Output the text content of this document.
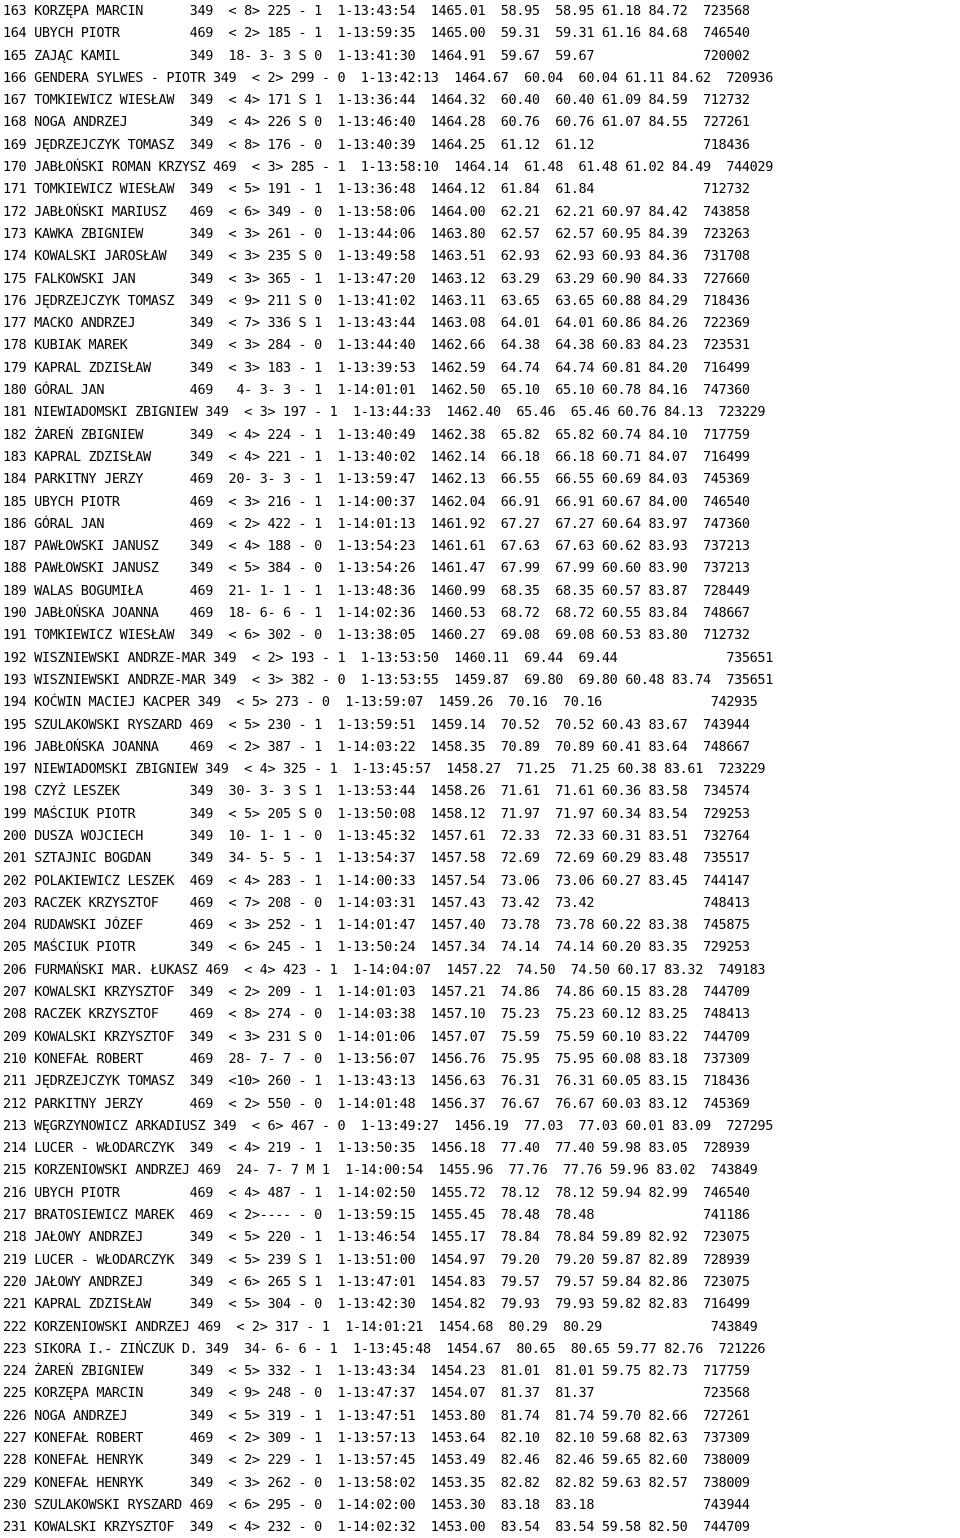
163 KORZĘPA MARCIN      349  < 8> 225 - 1  1-13:43:54  1465.01  58.95  58.95 61.18 84.72  723568
164 UBYCH PIOTR         469  < 2> 185 - 1  1-13:59:35  1465.00  59.31  59.31 61.16 84.68  746540
165 ZAJĄC KAMIL         349  18- 3- 3 S 0  1-13:41:30  1464.91  59.67  59.67              720002
166 GENDERA SYLWES - PIOTR 349  < 2> 299 - 0  1-13:42:13  1464.67  60.04  60.04 61.11 84.62  720936
167 TOMKIEWICZ WIESŁAW  349  < 4> 171 S 1  1-13:36:44  1464.32  60.40  60.40 61.09 84.59  712732
168 NOGA ANDRZEJ        349  < 4> 226 S 0  1-13:46:40  1464.28  60.76  60.76 61.07 84.55  727261
169 JĘDRZEJCZYK TOMASZ  349  < 8> 176 - 0  1-13:40:39  1464.25  61.12  61.12              718436
170 JABŁOŃSKI ROMAN KRZYSZ 469  < 3> 285 - 1  1-13:58:10  1464.14  61.48  61.48 61.02 84.49  744029
171 TOMKIEWICZ WIESŁAW  349  < 5> 191 - 1  1-13:36:48  1464.12  61.84  61.84              712732
172 JABŁOŃSKI MARIUSZ   469  < 6> 349 - 0  1-13:58:06  1464.00  62.21  62.21 60.97 84.42  743858
173 KAWKA ZBIGNIEW      349  < 3> 261 - 0  1-13:44:06  1463.80  62.57  62.57 60.95 84.39  723263
174 KOWALSKI JAROSŁAW   349  < 3> 235 S 0  1-13:49:58  1463.51  62.93  62.93 60.93 84.36  731708
175 FALKOWSKI JAN       349  < 3> 365 - 1  1-13:47:20  1463.12  63.29  63.29 60.90 84.33  727660
176 JĘDRZEJCZYK TOMASZ  349  < 9> 211 S 0  1-13:41:02  1463.11  63.65  63.65 60.88 84.29  718436
177 MACKO ANDRZEJ       349  < 7> 336 S 1  1-13:43:44  1463.08  64.01  64.01 60.86 84.26  722369
178 KUBIAK MAREK        349  < 3> 284 - 0  1-13:44:40  1462.66  64.38  64.38 60.83 84.23  723531
179 KAPRAL ZDZISŁAW     349  < 3> 183 - 1  1-13:39:53  1462.59  64.74  64.74 60.81 84.20  716499
180 GÓRAL JAN           469   4- 3- 3 - 1  1-14:01:01  1462.50  65.10  65.10 60.78 84.16  747360
181 NIEWIADOMSKI ZBIGNIEW 349  < 3> 197 - 1  1-13:44:33  1462.40  65.46  65.46 60.76 84.13  723229
182 ŻAREŃ ZBIGNIEW      349  < 4> 224 - 1  1-13:40:49  1462.38  65.82  65.82 60.74 84.10  717759
183 KAPRAL ZDZISŁAW     349  < 4> 221 - 1  1-13:40:02  1462.14  66.18  66.18 60.71 84.07  716499
184 PARKITNY JERZY      469  20- 3- 3 - 1  1-13:59:47  1462.13  66.55  66.55 60.69 84.03  745369
185 UBYCH PIOTR         469  < 3> 216 - 1  1-14:00:37  1462.04  66.91  66.91 60.67 84.00  746540
186 GÓRAL JAN           469  < 2> 422 - 1  1-14:01:13  1461.92  67.27  67.27 60.64 83.97  747360
187 PAWŁOWSKI JANUSZ    349  < 4> 188 - 0  1-13:54:23  1461.61  67.63  67.63 60.62 83.93  737213
188 PAWŁOWSKI JANUSZ    349  < 5> 384 - 0  1-13:54:26  1461.47  67.99  67.99 60.60 83.90  737213
189 WALAS BOGUMIŁA      469  21- 1- 1 - 1  1-13:48:36  1460.99  68.35  68.35 60.57 83.87  728449
190 JABŁOŃSKA JOANNA    469  18- 6- 6 - 1  1-14:02:36  1460.53  68.72  68.72 60.55 83.84  748667
191 TOMKIEWICZ WIESŁAW  349  < 6> 302 - 0  1-13:38:05  1460.27  69.08  69.08 60.53 83.80  712732
192 WISZNIEWSKI ANDRZE-MAR 349  < 2> 193 - 1  1-13:53:50  1460.11  69.44  69.44              735651
193 WISZNIEWSKI ANDRZE-MAR 349  < 3> 382 - 0  1-13:53:55  1459.87  69.80  69.80 60.48 83.74  735651
194 KOĆWIN MACIEJ KACPER 349  < 5> 273 - 0  1-13:59:07  1459.26  70.16  70.16              742935
195 SZULAKOWSKI RYSZARD 469  < 5> 230 - 1  1-13:59:51  1459.14  70.52  70.52 60.43 83.67  743944
196 JABŁOŃSKA JOANNA    469  < 2> 387 - 1  1-14:03:22  1458.35  70.89  70.89 60.41 83.64  748667
197 NIEWIADOMSKI ZBIGNIEW 349  < 4> 325 - 1  1-13:45:57  1458.27  71.25  71.25 60.38 83.61  723229
198 CZYŻ LESZEK         349  30- 3- 3 S 1  1-13:53:44  1458.26  71.61  71.61 60.36 83.58  734574
199 MAŚCIUK PIOTR       349  < 5> 205 S 0  1-13:50:08  1458.12  71.97  71.97 60.34 83.54  729253
200 DUSZA WOJCIECH      349  10- 1- 1 - 0  1-13:45:32  1457.61  72.33  72.33 60.31 83.51  732764
201 SZTAJNIC BOGDAN     349  34- 5- 5 - 1  1-13:54:37  1457.58  72.69  72.69 60.29 83.48  735517
202 POLAKIEWICZ LESZEK  469  < 4> 283 - 1  1-14:00:33  1457.54  73.06  73.06 60.27 83.45  744147
203 RACZEK KRZYSZTOF    469  < 7> 208 - 0  1-14:03:31  1457.43  73.42  73.42              748413
204 RUDAWSKI JÓZEF      469  < 3> 252 - 1  1-14:01:47  1457.40  73.78  73.78 60.22 83.38  745875
205 MAŚCIUK PIOTR       349  < 6> 245 - 1  1-13:50:24  1457.34  74.14  74.14 60.20 83.35  729253
206 FURMAŃSKI MAR. ŁUKASZ 469  < 4> 423 - 1  1-14:04:07  1457.22  74.50  74.50 60.17 83.32  749183
207 KOWALSKI KRZYSZTOF  349  < 2> 209 - 1  1-14:01:03  1457.21  74.86  74.86 60.15 83.28  744709
208 RACZEK KRZYSZTOF    469  < 8> 274 - 0  1-14:03:38  1457.10  75.23  75.23 60.12 83.25  748413
209 KOWALSKI KRZYSZTOF  349  < 3> 231 S 0  1-14:01:06  1457.07  75.59  75.59 60.10 83.22  744709
210 KONEFAŁ ROBERT      469  28- 7- 7 - 0  1-13:56:07  1456.76  75.95  75.95 60.08 83.18  737309
211 JĘDRZEJCZYK TOMASZ  349  <10> 260 - 1  1-13:43:13  1456.63  76.31  76.31 60.05 83.15  718436
212 PARKITNY JERZY      469  < 2> 550 - 0  1-14:01:48  1456.37  76.67  76.67 60.03 83.12  745369
213 WĘGRZYNOWICZ ARKADIUSZ 349  < 6> 467 - 0  1-13:49:27  1456.19  77.03  77.03 60.01 83.09  727295
214 LUCER - WŁODARCZYK  349  < 4> 219 - 1  1-13:50:35  1456.18  77.40  77.40 59.98 83.05  728939
215 KORZENIOWSKI ANDRZEJ 469  24- 7- 7 M 1  1-14:00:54  1455.96  77.76  77.76 59.96 83.02  743849
216 UBYCH PIOTR         469  < 4> 487 - 1  1-14:02:50  1455.72  78.12  78.12 59.94 82.99  746540
217 BRATOSIEWICZ MAREK  469  < 2>---- - 0  1-13:59:15  1455.45  78.48  78.48              741186
218 JAŁOWY ANDRZEJ      349  < 5> 220 - 1  1-13:46:54  1455.17  78.84  78.84 59.89 82.92  723075
219 LUCER - WŁODARCZYK  349  < 5> 239 S 1  1-13:51:00  1454.97  79.20  79.20 59.87 82.89  728939
220 JAŁOWY ANDRZEJ      349  < 6> 265 S 1  1-13:47:01  1454.83  79.57  79.57 59.84 82.86  723075
221 KAPRAL ZDZISŁAW     349  < 5> 304 - 0  1-13:42:30  1454.82  79.93  79.93 59.82 82.83  716499
222 KORZENIOWSKI ANDRZEJ 469  < 2> 317 - 1  1-14:01:21  1454.68  80.29  80.29              743849
223 SIKORA I.- ZIŃCZUK D. 349  34- 6- 6 - 1  1-13:45:48  1454.67  80.65  80.65 59.77 82.76  721226
224 ŻAREŃ ZBIGNIEW      349  < 5> 332 - 1  1-13:43:34  1454.23  81.01  81.01 59.75 82.73  717759
225 KORZĘPA MARCIN      349  < 9> 248 - 0  1-13:47:37  1454.07  81.37  81.37              723568
226 NOGA ANDRZEJ        349  < 5> 319 - 1  1-13:47:51  1453.80  81.74  81.74 59.70 82.66  727261
227 KONEFAŁ ROBERT      469  < 2> 309 - 1  1-13:57:13  1453.64  82.10  82.10 59.68 82.63  737309
228 KONEFAŁ HENRYK      349  < 2> 229 - 1  1-13:57:45  1453.49  82.46  82.46 59.65 82.60  738009
229 KONEFAŁ HENRYK      349  < 3> 262 - 0  1-13:58:02  1453.35  82.82  82.82 59.63 82.57  738009
230 SZULAKOWSKI RYSZARD 469  < 6> 295 - 0  1-14:02:00  1453.30  83.18  83.18              743944
231 KOWALSKI KRZYSZTOF  349  < 4> 232 - 0  1-14:02:32  1453.00  83.54  83.54 59.58 82.50  744709
